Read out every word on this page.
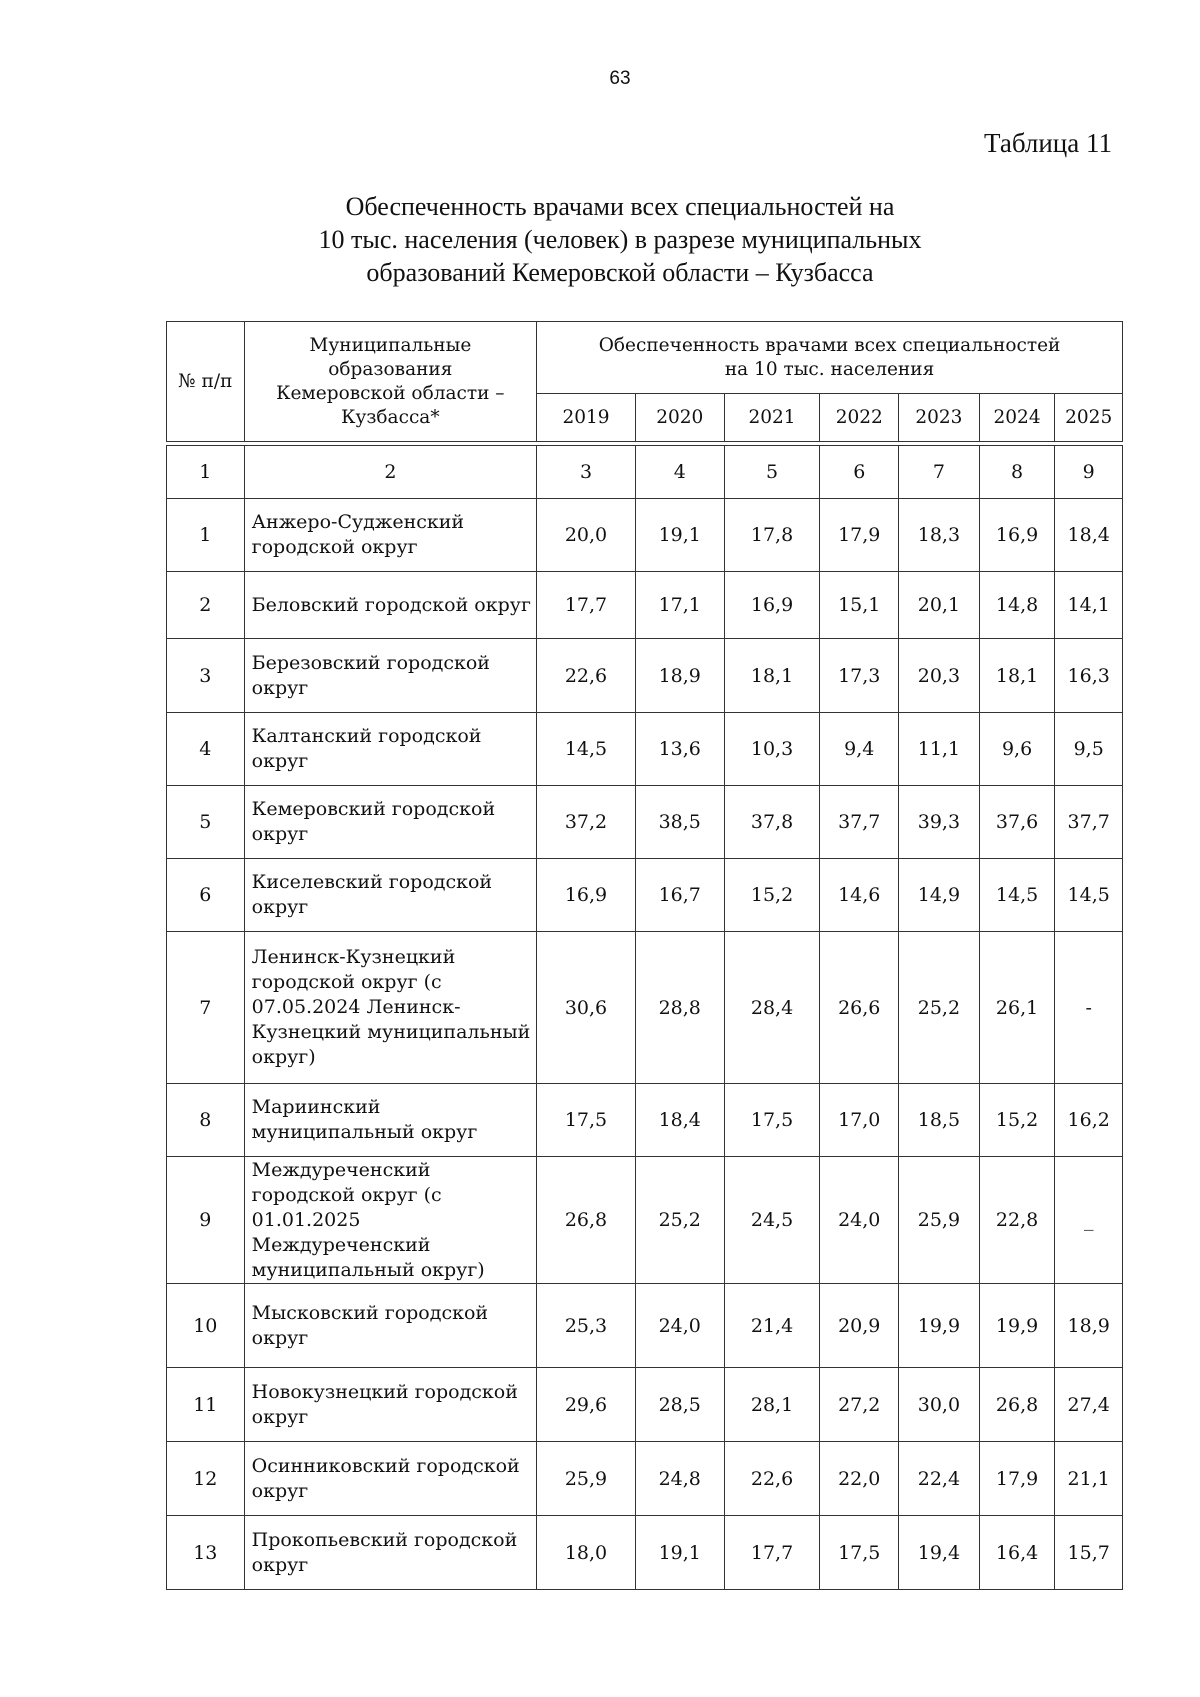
63
Таблица 11
Обеспеченность врачами всех специальностей на
10 тыс. населения (человек) в разрезе муниципальных
образований Кемеровской области – Кузбасса
№ п/п	Муниципальные образования Кемеровской области – Кузбасса*	Обеспеченность врачами всех специальностей на 10 тыс. населения						
		2019	2020	2021	2022	2023	2024	2025

1	2	3	4	5	6	7	8	9
1	Анжеро-Судженский городской округ	20,0	19,1	17,8	17,9	18,3	16,9	18,4
2	Беловский городской округ	17,7	17,1	16,9	15,1	20,1	14,8	14,1
3	Березовский городской округ	22,6	18,9	18,1	17,3	20,3	18,1	16,3
4	Калтанский городской округ	14,5	13,6	10,3	9,4	11,1	9,6	9,5
5	Кемеровский городской округ	37,2	38,5	37,8	37,7	39,3	37,6	37,7
6	Киселевский городской округ	16,9	16,7	15,2	14,6	14,9	14,5	14,5
7	Ленинск-Кузнецкий городской округ (с 07.05.2024 Ленинск-Кузнецкий муниципальный округ)	30,6	28,8	28,4	26,6	25,2	26,1	-
8	Мариинский муниципальный округ	17,5	18,4	17,5	17,0	18,5	15,2	16,2
9	Междуреченский городской округ (с 01.01.2025 Междуреченский муниципальный округ)	26,8	25,2	24,5	24,0	25,9	22,8	_
10	Мысковский городской округ	25,3	24,0	21,4	20,9	19,9	19,9	18,9
11	Новокузнецкий городской округ	29,6	28,5	28,1	27,2	30,0	26,8	27,4
12	Осинниковский городской округ	25,9	24,8	22,6	22,0	22,4	17,9	21,1
13	Прокопьевский городской округ	18,0	19,1	17,7	17,5	19,4	16,4	15,7
